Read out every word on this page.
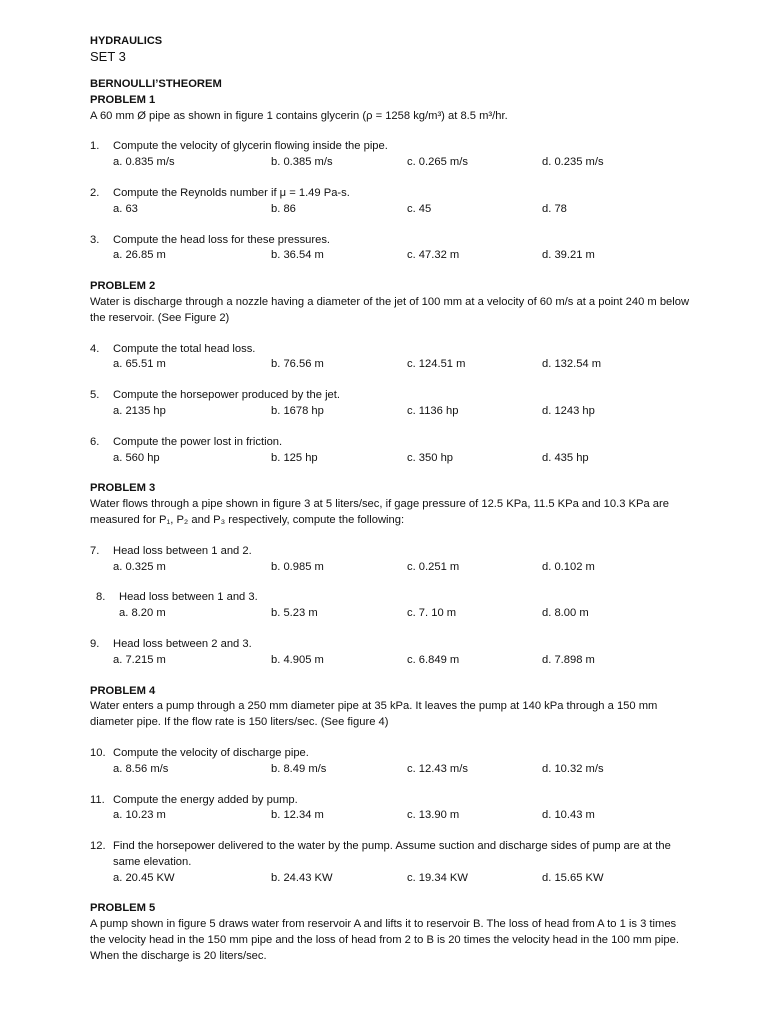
HYDRAULICS
SET 3
BERNOULLI’STHEOREM
PROBLEM 1
A 60 mm Ø pipe as shown in figure 1 contains glycerin (ρ = 1258 kg/m³) at 8.5 m³/hr.
1.	Compute the velocity of glycerin flowing inside the pipe.
a. 0.835 m/s	b. 0.385 m/s	c. 0.265 m/s	d. 0.235 m/s
2.	Compute the Reynolds number if μ = 1.49 Pa-s.
a. 63	b. 86	c. 45	d. 78
3.	Compute the head loss for these pressures.
a. 26.85 m	b. 36.54 m	c. 47.32 m	d. 39.21 m
PROBLEM 2
Water is discharge through a nozzle having a diameter of the jet of 100 mm at a velocity of 60 m/s at a point 240 m below the reservoir. (See Figure 2)
4.	Compute the total head loss.
a. 65.51 m	b. 76.56 m	c. 124.51 m	d. 132.54 m
5.	Compute the horsepower produced by the jet.
a. 2135 hp	b. 1678 hp	c. 1136 hp	d. 1243 hp
6.	Compute the power lost in friction.
a. 560 hp	b. 125 hp	c. 350 hp	d. 435 hp
PROBLEM 3
Water flows through a pipe shown in figure 3 at 5 liters/sec, if gage pressure of 12.5 KPa, 11.5 KPa and 10.3 KPa are measured for P₁, P₂ and P₃ respectively, compute the following:
7.	Head loss between 1 and 2.
a. 0.325 m	b. 0.985 m	c. 0.251 m	d. 0.102 m
8.	Head loss between 1 and 3.
a. 8.20 m	b. 5.23 m	c. 7. 10 m	d. 8.00 m
9.	Head loss between 2 and 3.
a. 7.215 m	b. 4.905 m	c. 6.849 m	d. 7.898 m
PROBLEM 4
Water enters a pump through a 250 mm diameter pipe at 35 kPa. It leaves the pump at 140 kPa through a 150 mm diameter pipe. If the flow rate is 150 liters/sec. (See figure 4)
10. Compute the velocity of discharge pipe.
a. 8.56 m/s	b. 8.49 m/s	c. 12.43 m/s	d. 10.32 m/s
11. Compute the energy added by pump.
a. 10.23 m	b. 12.34 m	c. 13.90 m	d. 10.43 m
12. Find the horsepower delivered to the water by the pump. Assume suction and discharge sides of pump are at the same elevation.
a. 20.45 KW	b. 24.43 KW	c. 19.34 KW	d. 15.65 KW
PROBLEM 5
A pump shown in figure 5 draws water from reservoir A and lifts it to reservoir B. The loss of head from A to 1 is 3 times the velocity head in the 150 mm pipe and the loss of head from 2 to B is 20 times the velocity head in the 100 mm pipe. When the discharge is 20 liters/sec.
